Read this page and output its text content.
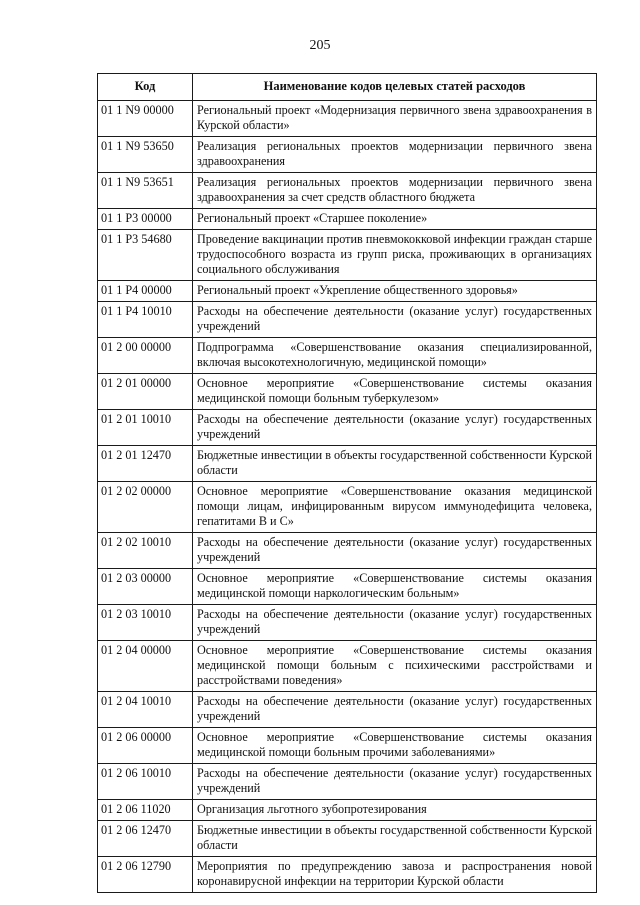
205
Код	Наименование кодов целевых статей расходов
01 1 N9 00000	Региональный проект «Модернизация первичного звена здравоохранения в Курской области»
01 1 N9 53650	Реализация региональных проектов модернизации первичного звена здравоохранения
01 1 N9 53651	Реализация региональных проектов модернизации первичного звена здравоохранения за счет средств областного бюджета
01 1 P3 00000	Региональный проект «Старшее поколение»
01 1 P3 54680	Проведение вакцинации против пневмококковой инфекции граждан старше трудоспособного возраста из групп риска, проживающих в организациях социального обслуживания
01 1 P4 00000	Региональный проект «Укрепление общественного здоровья»
01 1 P4 10010	Расходы на обеспечение деятельности (оказание услуг) государственных учреждений
01 2 00 00000	Подпрограмма «Совершенствование оказания специализированной, включая высокотехнологичную, медицинской помощи»
01 2 01 00000	Основное мероприятие «Совершенствование системы оказания медицинской помощи больным туберкулезом»
01 2 01 10010	Расходы на обеспечение деятельности (оказание услуг) государственных учреждений
01 2 01 12470	Бюджетные инвестиции в объекты государственной собственности Курской области
01 2 02 00000	Основное мероприятие «Совершенствование оказания медицинской помощи лицам, инфицированным вирусом иммунодефицита человека, гепатитами В и С»
01 2 02 10010	Расходы на обеспечение деятельности (оказание услуг) государственных учреждений
01 2 03 00000	Основное мероприятие «Совершенствование системы оказания медицинской помощи наркологическим больным»
01 2 03 10010	Расходы на обеспечение деятельности (оказание услуг) государственных учреждений
01 2 04 00000	Основное мероприятие «Совершенствование системы оказания медицинской помощи больным с психическими расстройствами и расстройствами поведения»
01 2 04 10010	Расходы на обеспечение деятельности (оказание услуг) государственных учреждений
01 2 06 00000	Основное мероприятие «Совершенствование системы оказания медицинской помощи больным прочими заболеваниями»
01 2 06 10010	Расходы на обеспечение деятельности (оказание услуг) государственных учреждений
01 2 06 11020	Организация льготного зубопротезирования
01 2 06 12470	Бюджетные инвестиции в объекты государственной собственности Курской области
01 2 06 12790	Мероприятия по предупреждению завоза и распространения новой коронавирусной инфекции на территории Курской области
